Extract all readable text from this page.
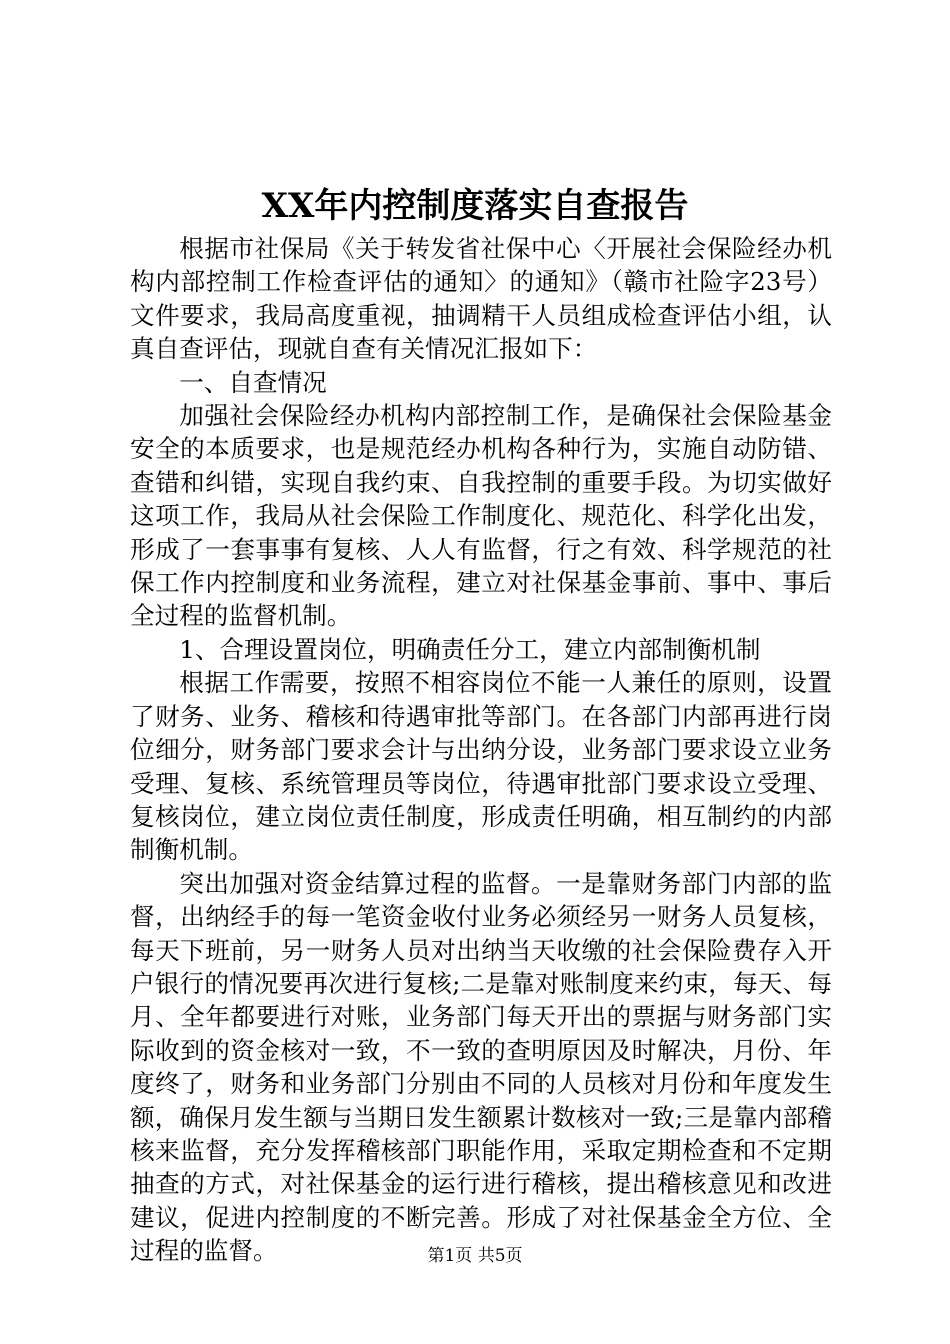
XX年内控制度落实自查报告

根据市社保局《关于转发省社保中心〈开展社会保险经办机构内部控制工作检查评估的通知〉的通知》（赣市社险字23号）文件要求，我局高度重视，抽调精干人员组成检查评估小组，认真自查评估，现就自查有关情况汇报如下：

一、自查情况

加强社会保险经办机构内部控制工作，是确保社会保险基金安全的本质要求，也是规范经办机构各种行为，实施自动防错、查错和纠错，实现自我约束、自我控制的重要手段。为切实做好这项工作，我局从社会保险工作制度化、规范化、科学化出发，形成了一套事事有复核、人人有监督，行之有效、科学规范的社保工作内控制度和业务流程，建立对社保基金事前、事中、事后全过程的监督机制。

1、合理设置岗位，明确责任分工，建立内部制衡机制

根据工作需要，按照不相容岗位不能一人兼任的原则，设置了财务、业务、稽核和待遇审批等部门。在各部门内部再进行岗位细分，财务部门要求会计与出纳分设，业务部门要求设立业务受理、复核、系统管理员等岗位，待遇审批部门要求设立受理、复核岗位，建立岗位责任制度，形成责任明确，相互制约的内部制衡机制。

突出加强对资金结算过程的监督。一是靠财务部门内部的监督，出纳经手的每一笔资金收付业务必须经另一财务人员复核，每天下班前，另一财务人员对出纳当天收缴的社会保险费存入开户银行的情况要再次进行复核;二是靠对账制度来约束，每天、每月、全年都要进行对账，业务部门每天开出的票据与财务部门实际收到的资金核对一致，不一致的查明原因及时解决，月份、年度终了，财务和业务部门分别由不同的人员核对月份和年度发生额，确保月发生额与当期日发生额累计数核对一致;三是靠内部稽核来监督，充分发挥稽核部门职能作用，采取定期检查和不定期抽查的方式，对社保基金的运行进行稽核，提出稽核意见和改进建议，促进内控制度的不断完善。形成了对社保基金全方位、全过程的监督。	第1页 共5页
